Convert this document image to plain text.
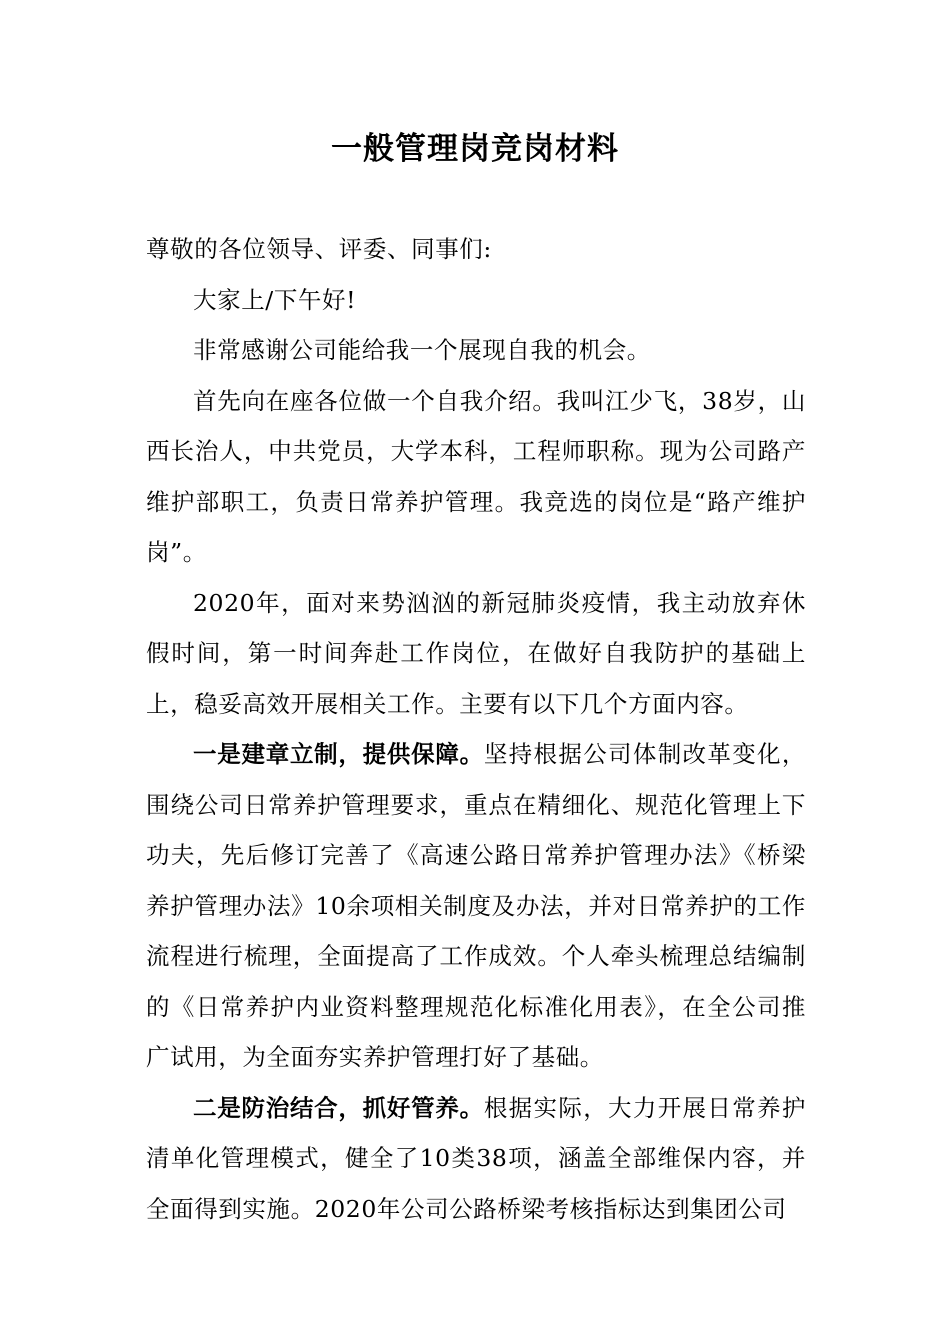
一般管理岗竞岗材料

尊敬的各位领导、评委、同事们:

大家上/下午好!

非常感谢公司能给我一个展现自我的机会。

首先向在座各位做一个自我介绍。我叫江少飞，38岁，山西长治人，中共党员，大学本科，工程师职称。现为公司路产维护部职工，负责日常养护管理。我竞选的岗位是“路产维护岗”。

2020年，面对来势汹汹的新冠肺炎疫情，我主动放弃休假时间，第一时间奔赴工作岗位，在做好自我防护的基础上上，稳妥高效开展相关工作。主要有以下几个方面内容。

一是建章立制，提供保障。坚持根据公司体制改革变化，围绕公司日常养护管理要求，重点在精细化、规范化管理上下功夫，先后修订完善了《高速公路日常养护管理办法》《桥梁养护管理办法》10余项相关制度及办法，并对日常养护的工作流程进行梳理，全面提高了工作成效。个人牵头梳理总结编制的《日常养护内业资料整理规范化标准化用表》，在全公司推广试用，为全面夯实养护管理打好了基础。

二是防治结合，抓好管养。根据实际，大力开展日常养护清单化管理模式，健全了10类38项，涵盖全部维保内容，并全面得到实施。2020年公司公路桥梁考核指标达到集团公司
